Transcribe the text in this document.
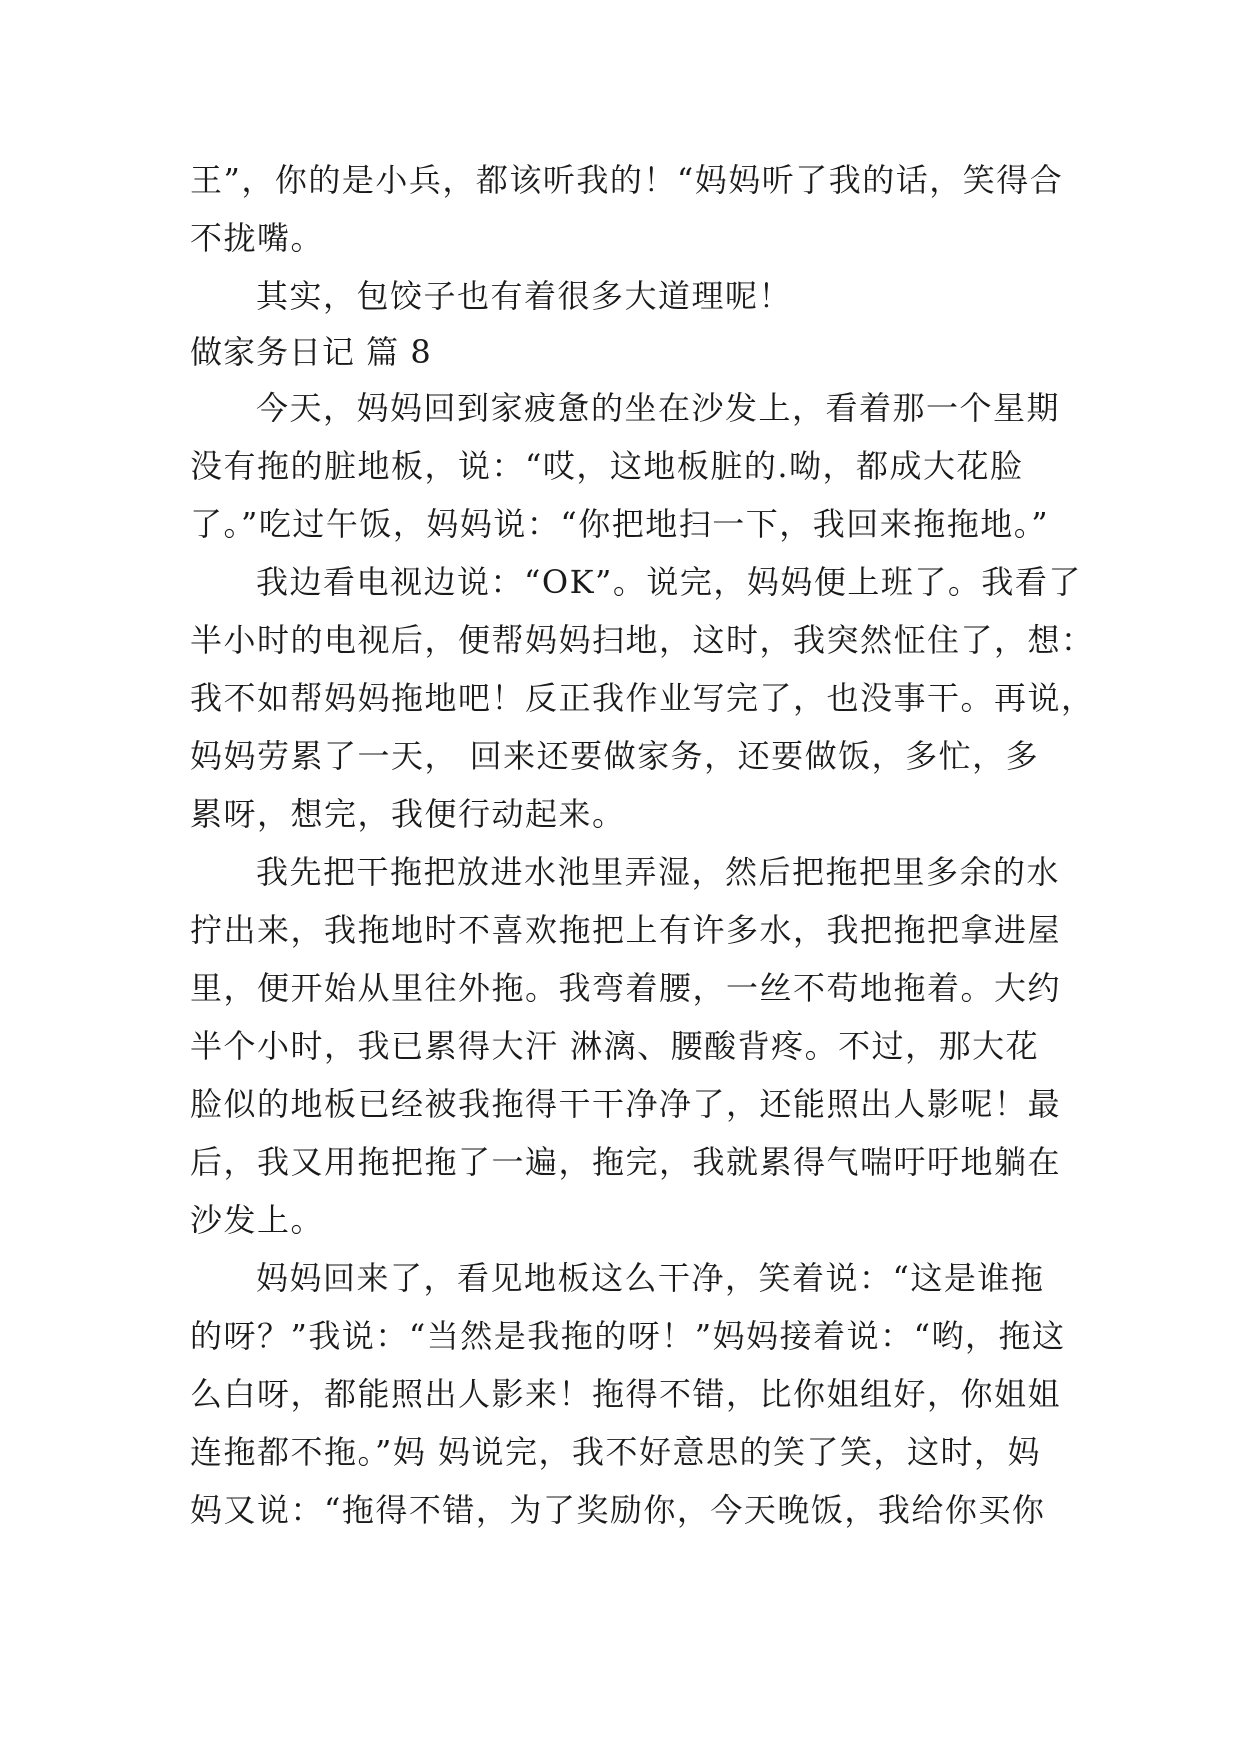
王”，你的是小兵，都该听我的！“妈妈听了我的话，笑得合
不拢嘴。
其实，包饺子也有着很多大道理呢！
做家务日记 篇 8
今天，妈妈回到家疲惫的坐在沙发上，看着那一个星期
没有拖的脏地板，说：“哎，这地板脏的.呦，都成大花脸
了。”吃过午饭，妈妈说：“你把地扫一下，我回来拖拖地。”
我边看电视边说：“OK”。说完，妈妈便上班了。我看了
半小时的电视后，便帮妈妈扫地，这时，我突然怔住了，想：
我不如帮妈妈拖地吧！反正我作业写完了，也没事干。再说，
妈妈劳累了一天， 回来还要做家务，还要做饭，多忙，多
累呀，想完，我便行动起来。
我先把干拖把放进水池里弄湿，然后把拖把里多余的水
拧出来，我拖地时不喜欢拖把上有许多水，我把拖把拿进屋
里，便开始从里往外拖。我弯着腰，一丝不苟地拖着。大约
半个小时，我已累得大汗 淋漓、腰酸背疼。不过，那大花
脸似的地板已经被我拖得干干净净了，还能照出人影呢！最
后，我又用拖把拖了一遍，拖完，我就累得气喘吁吁地躺在
沙发上。
妈妈回来了，看见地板这么干净，笑着说：“这是谁拖
的呀？”我说：“当然是我拖的呀！”妈妈接着说：“哟，拖这
么白呀，都能照出人影来！拖得不错，比你姐组好，你姐姐
连拖都不拖。”妈 妈说完，我不好意思的笑了笑，这时，妈
妈又说：“拖得不错，为了奖励你，今天晚饭，我给你买你
